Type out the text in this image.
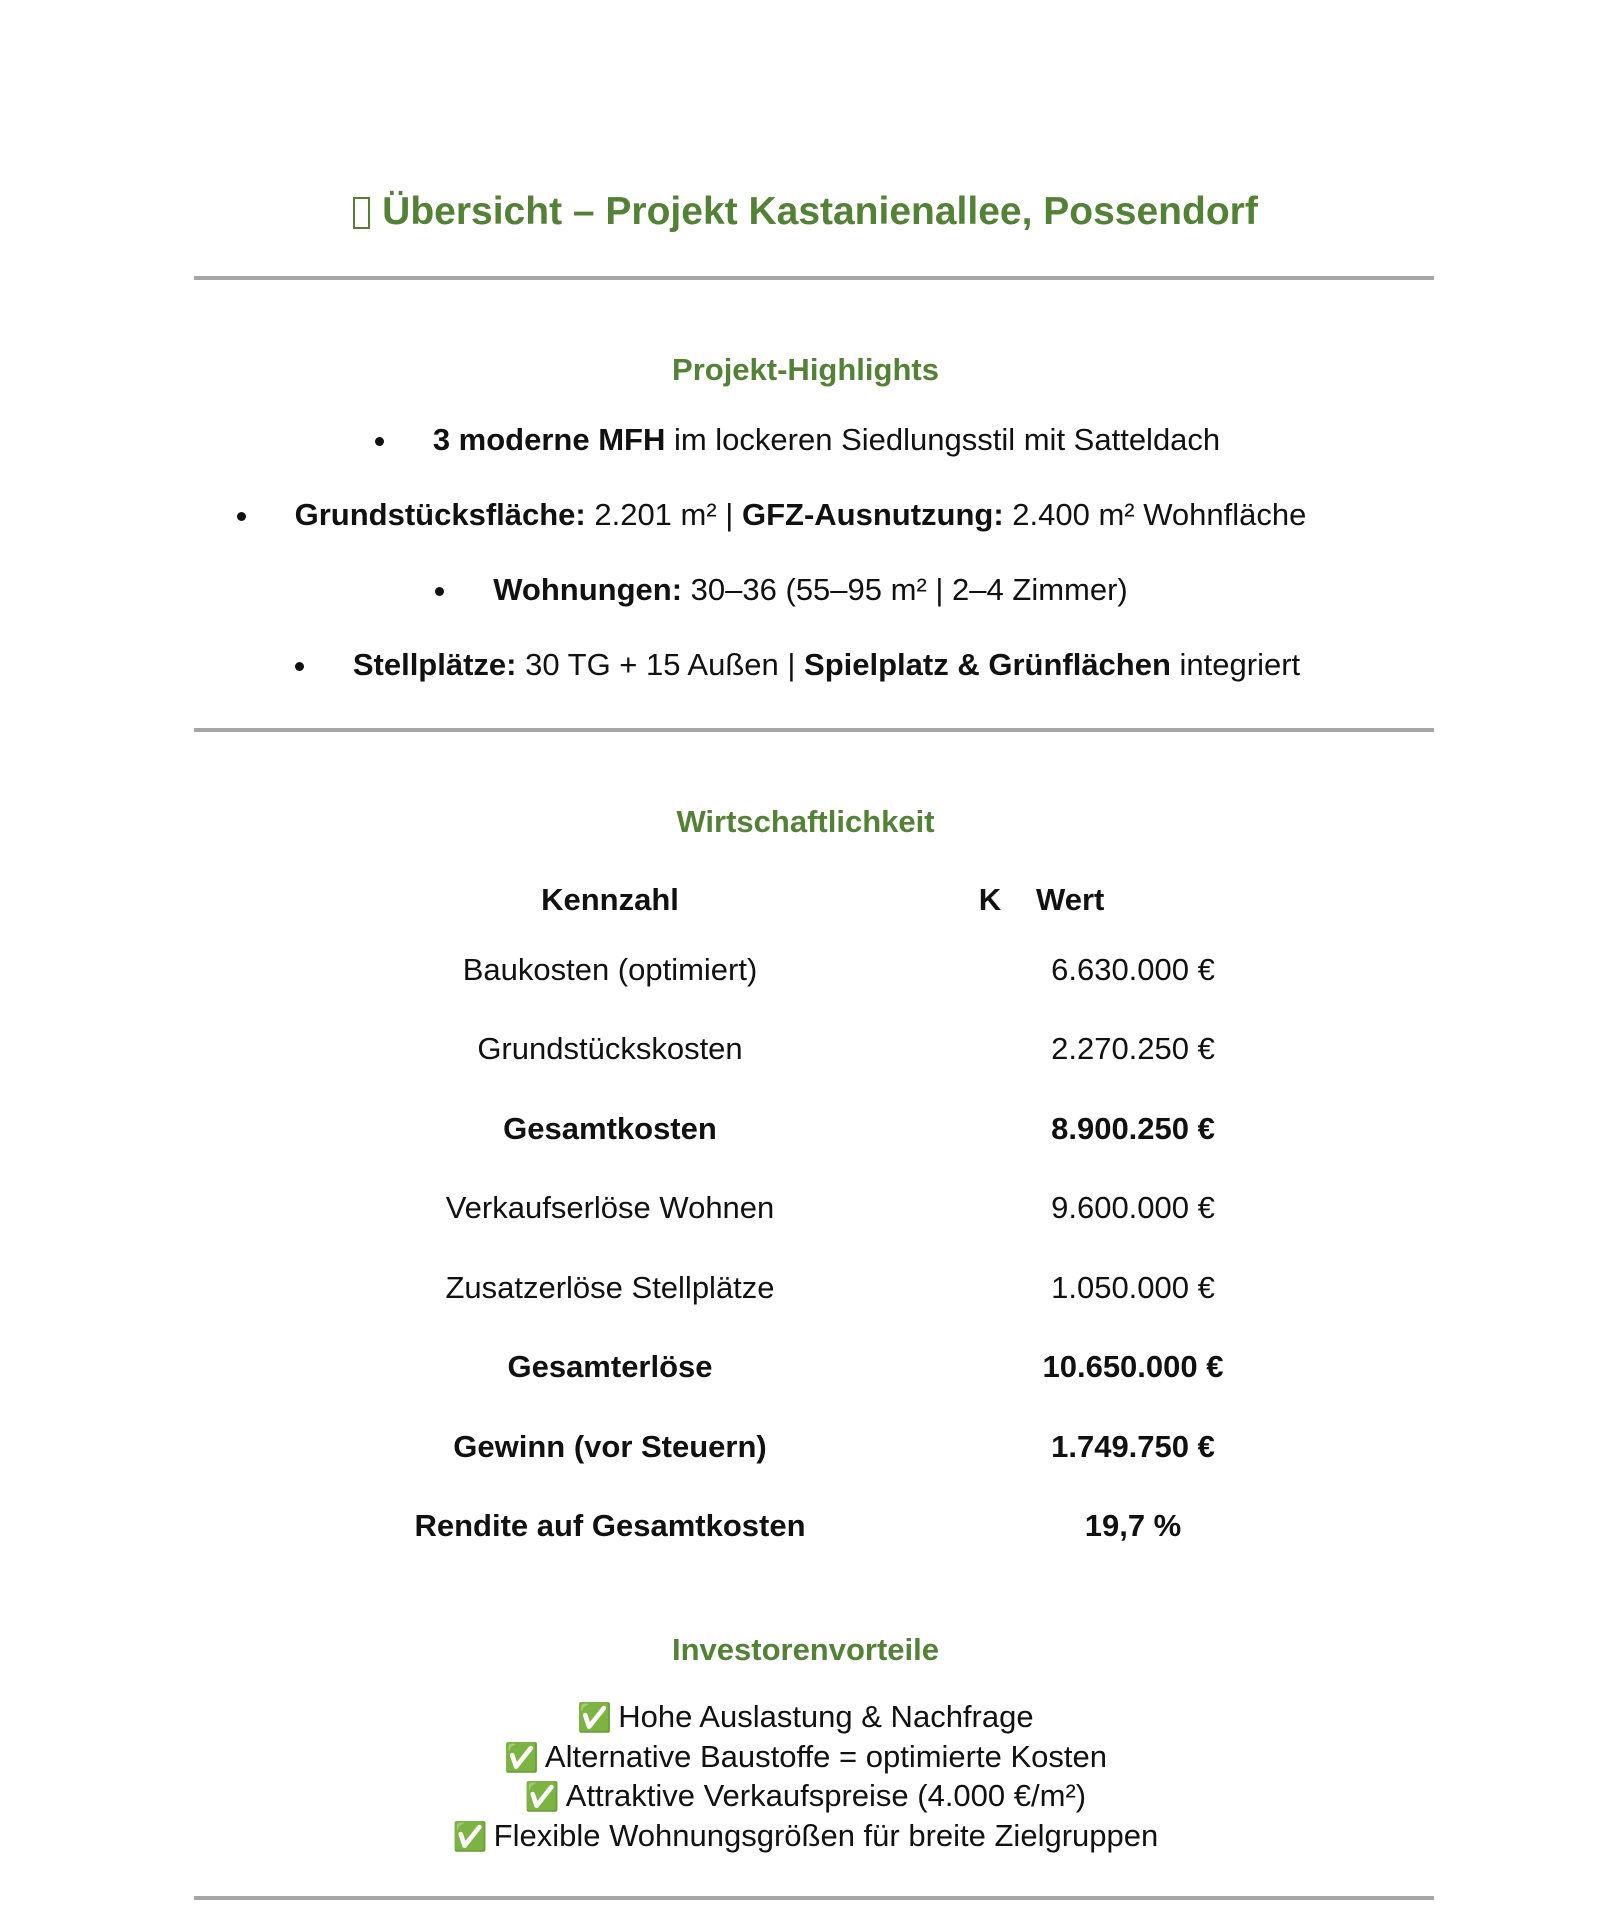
Übersicht – Projekt Kastanienallee, Possendorf
Projekt-Highlights
3 moderne MFH im lockeren Siedlungsstil mit Satteldach
Grundstücksfläche: 2.201 m² | GFZ-Ausnutzung: 2.400 m² Wohnfläche
Wohnungen: 30–36 (55–95 m² | 2–4 Zimmer)
Stellplätze: 30 TG + 15 Außen | Spielplatz & Grünflächen integriert
Wirtschaftlichkeit
Kennzahl	K	Wert
Baukosten (optimiert)		6.630.000 €
Grundstückskosten		2.270.250 €
Gesamtkosten		8.900.250 €
Verkaufserlöse Wohnen		9.600.000 €
Zusatzerlöse Stellplätze		1.050.000 €
Gesamterlöse		10.650.000 €
Gewinn (vor Steuern)		1.749.750 €
Rendite auf Gesamtkosten		19,7 %
Investorenvorteile
✅ Hohe Auslastung & Nachfrage
✅ Alternative Baustoffe = optimierte Kosten
✅ Attraktive Verkaufspreise (4.000 €/m²)
✅ Flexible Wohnungsgrößen für breite Zielgruppen
